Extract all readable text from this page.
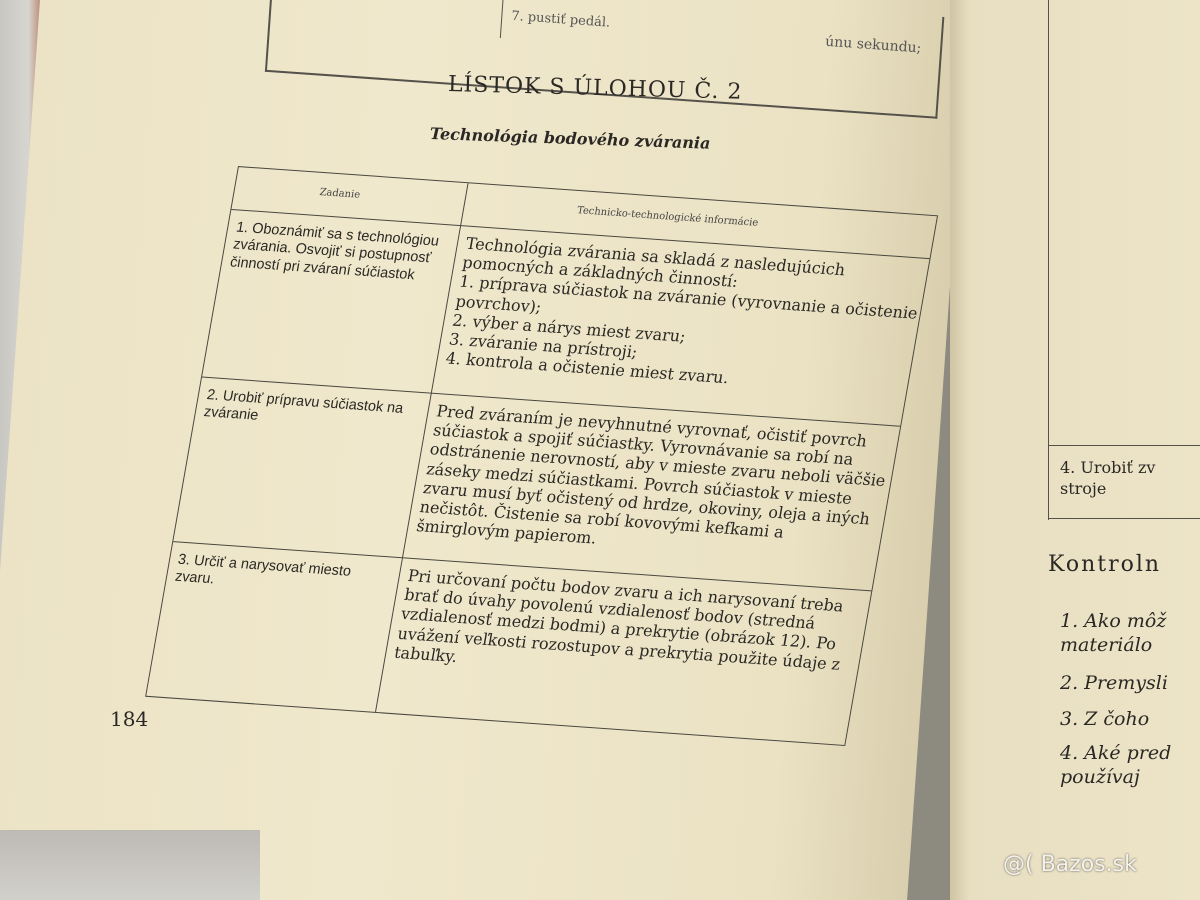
7. pustiť pedál.
únu sekundu;
LÍSTOK S ÚLOHOU Č. 2
Technológia bodového zvárania
Zadanie
Technicko-technologické informácie
1. Oboznámiť sa s technológiou zvárania. Osvojiť si postupnosť činností pri zváraní súčiastok	Technológia zvárania sa skladá z nasledujúcich pomocných a základných činností:
1. príprava súčiastok na zváranie (vyrovnanie a očistenie povrchov);
2. výber a nárys miest zvaru;
3. zváranie na prístroji;
4. kontrola a očistenie miest zvaru.
2. Urobiť prípravu súčiastok na zváranie	Pred zváraním je nevyhnutné vyrovnať, očistiť povrch súčiastok a spojiť súčiastky. Vyrovnávanie sa robí na odstránenie nerovností, aby v mieste zvaru neboli väčšie záseky medzi súčiastkami. Povrch súčiastok v mieste zvaru musí byť očistený od hrdze, okoviny, oleja a iných nečistôt. Čistenie sa robí kovovými kefkami a šmirglovým papierom.
3. Určiť a narysovať miesto zvaru.	Pri určovaní počtu bodov zvaru a ich narysovaní treba brať do úvahy povolenú vzdialenosť bodov (stredná vzdialenosť medzi bodmi) a prekrytie (obrázok 12). Po uvážení veľkosti rozostupov a prekrytia použite údaje z tabuľky.
184
4. Urobiť zv
stroje
Kontroln
1. Ako môž
materiálo
2. Premysli
3. Z čoho
4. Aké pred
používaj
@( Bazos.sk
